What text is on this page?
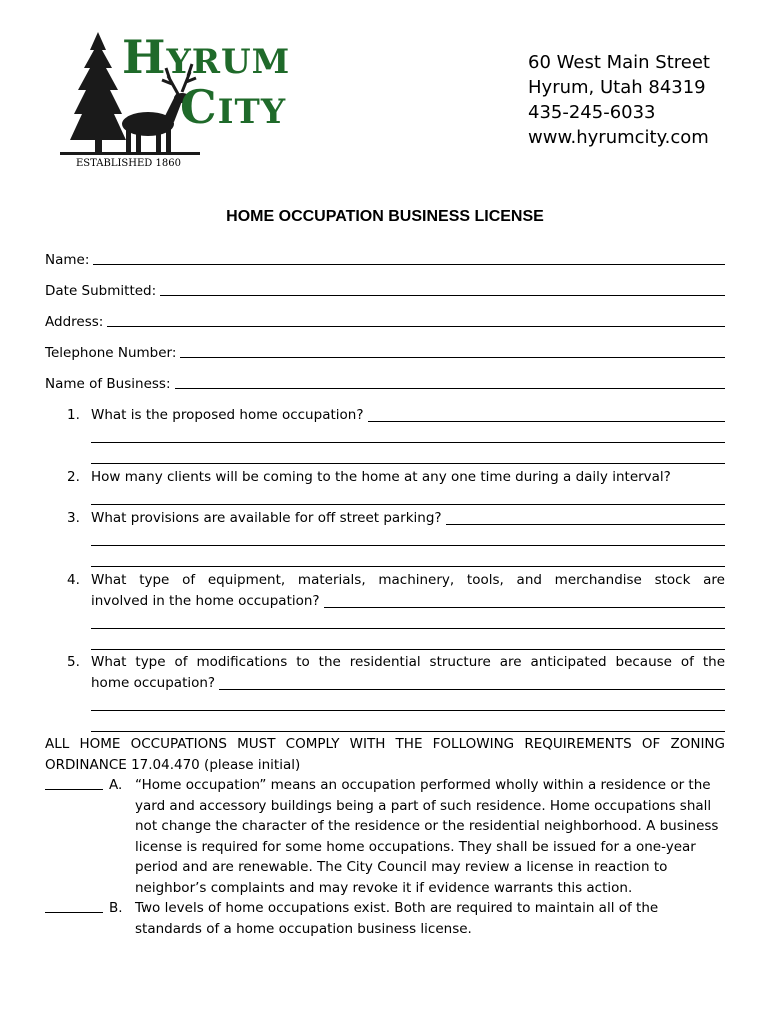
HYRUM
CITY
ESTABLISHED 1860
60 West Main Street
Hyrum, Utah 84319
435-245-6033
www.hyrumcity.com
HOME OCCUPATION BUSINESS LICENSE
Name:
Date Submitted:
Address:
Telephone Number:
Name of Business:
1. What is the proposed home occupation?
2. How many clients will be coming to the home at any one time during a daily interval?
3. What provisions are available for off street parking?
4. What type of equipment, materials, machinery, tools, and merchandise stock are
involved in the home occupation?
5. What type of modifications to the residential structure are anticipated because of the
home occupation?
ALL HOME OCCUPATIONS MUST COMPLY WITH THE FOLLOWING REQUIREMENTS OF ZONING ORDINANCE 17.04.470 (please initial)
A. “Home occupation” means an occupation performed wholly within a residence or the yard and accessory buildings being a part of such residence. Home occupations shall not change the character of the residence or the residential neighborhood. A business license is required for some home occupations. They shall be issued for a one-year period and are renewable. The City Council may review a license in reaction to neighbor’s complaints and may revoke it if evidence warrants this action.
B. Two levels of home occupations exist. Both are required to maintain all of the standards of a home occupation business license.
